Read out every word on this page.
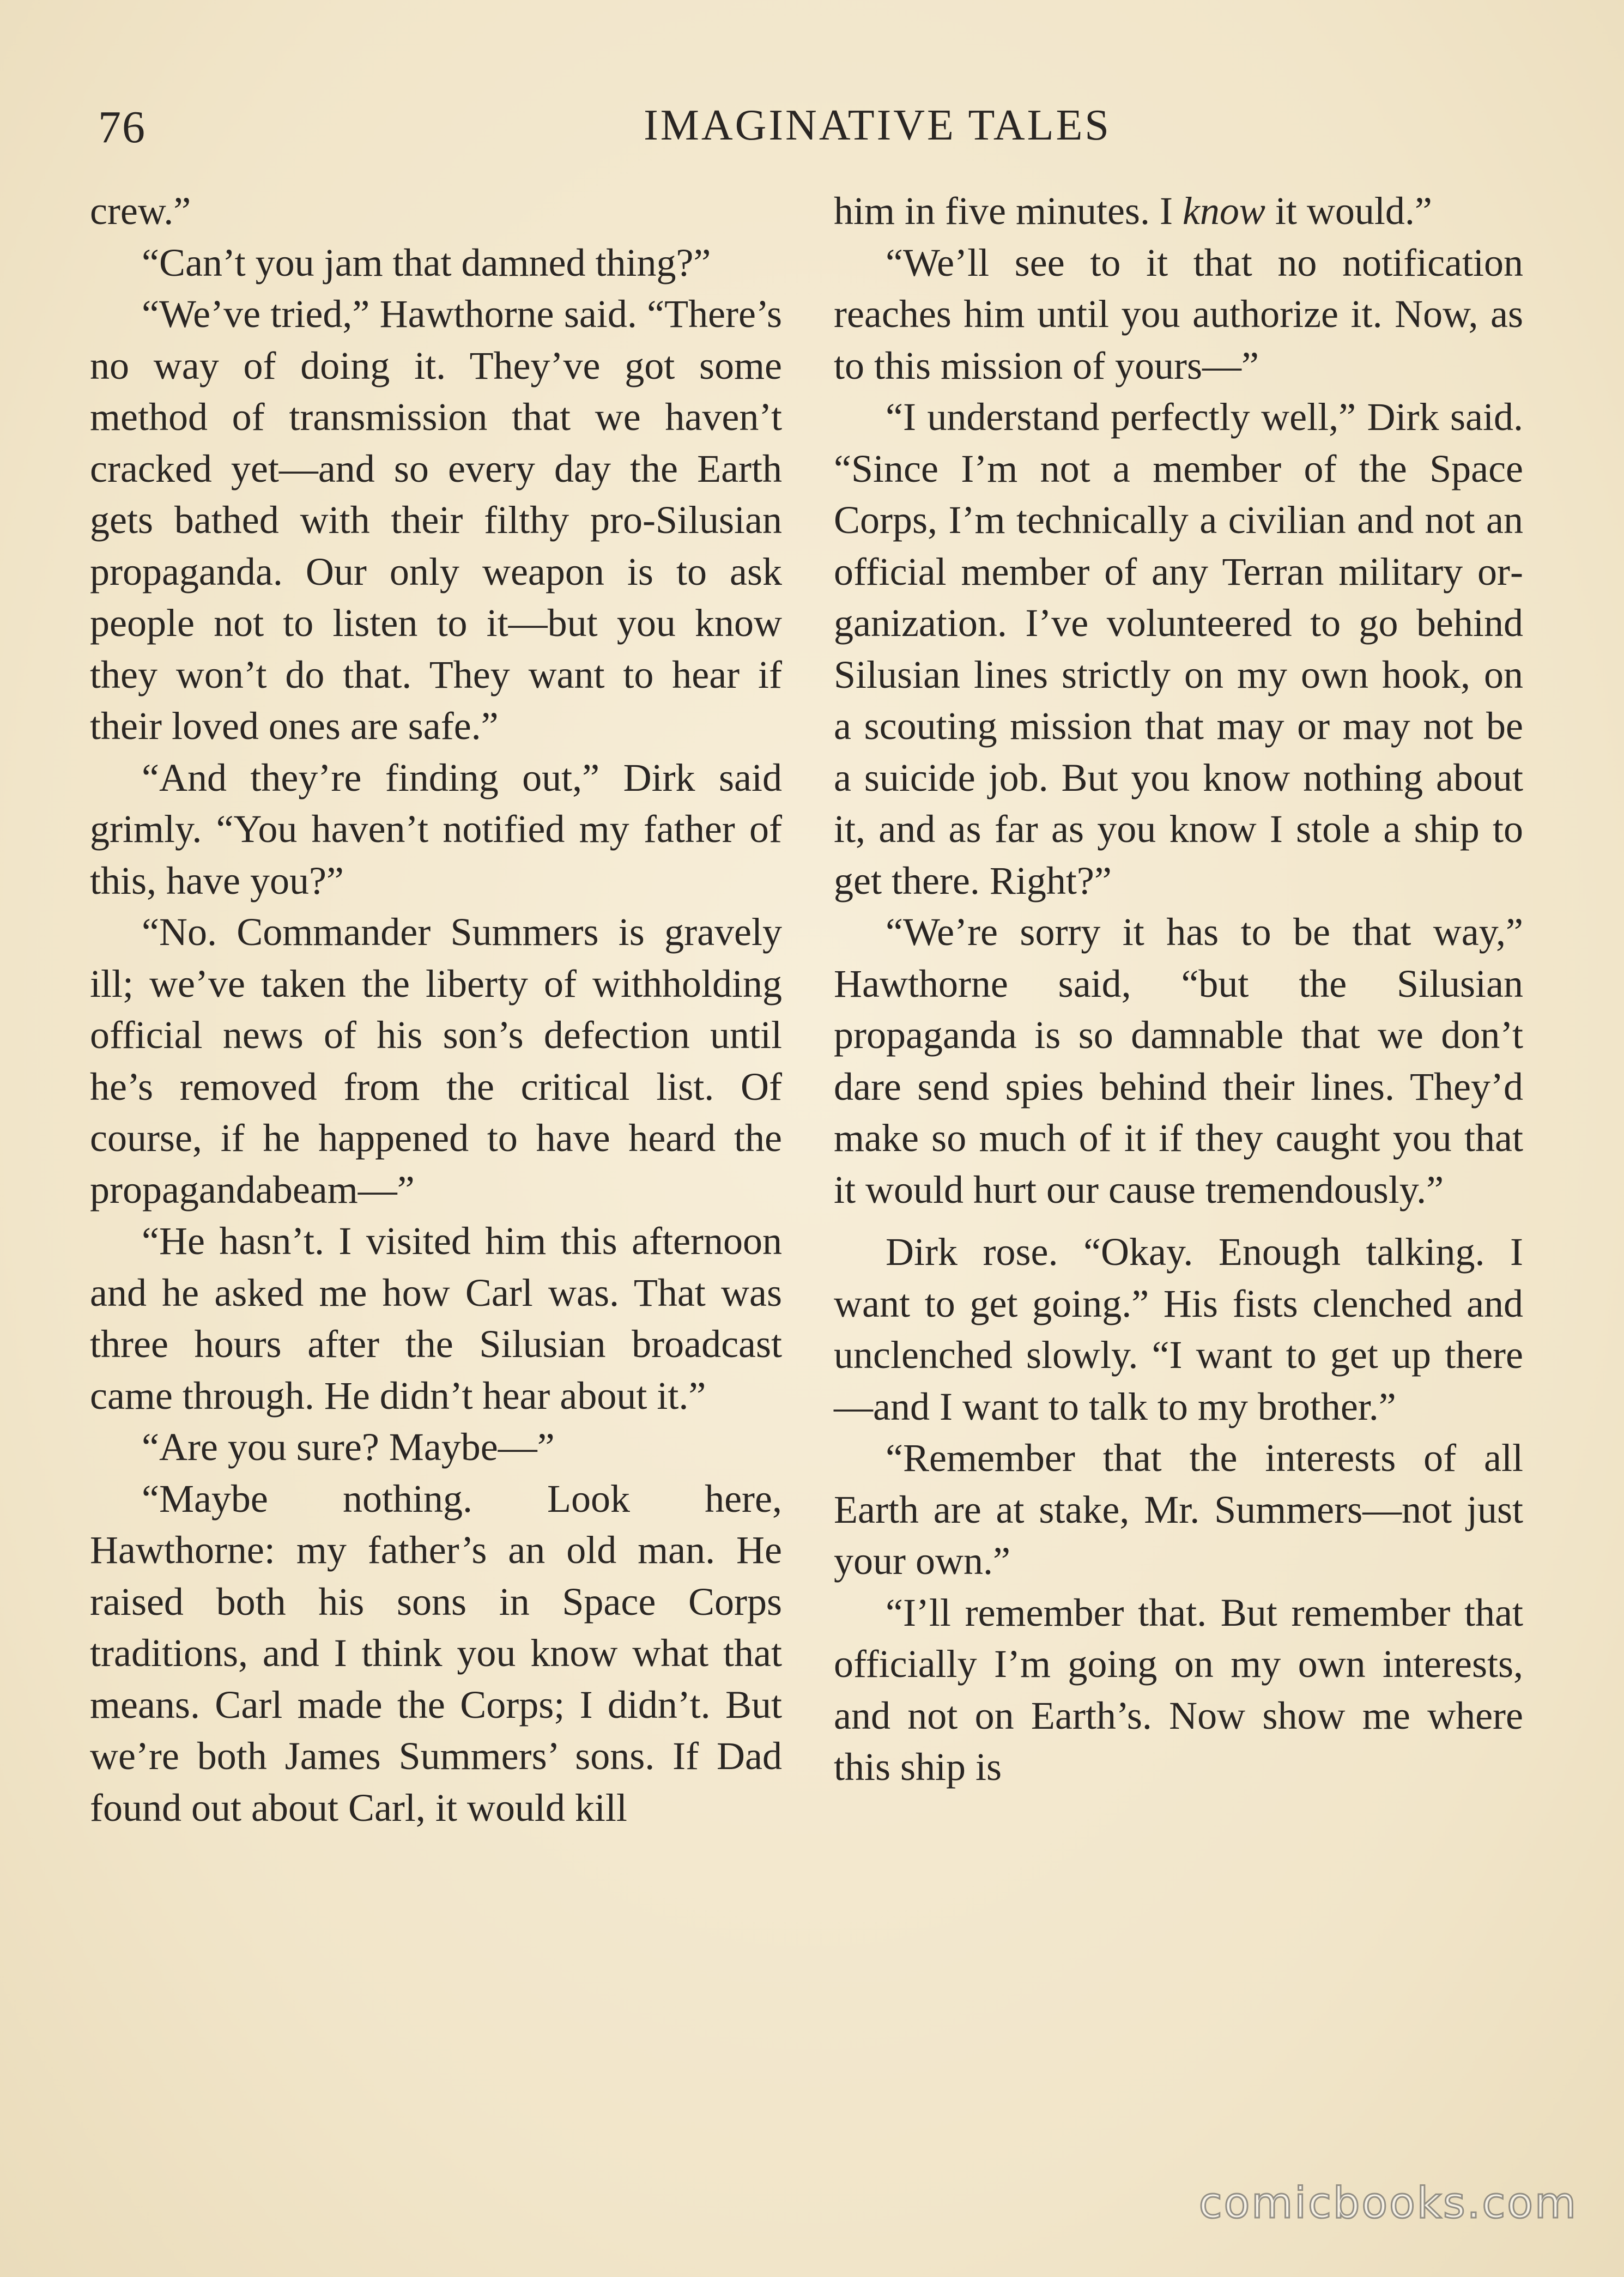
76	IMAGINATIVE TALES

crew.”

“Can’t you jam that damned thing?”

“We’ve tried,” Hawthorne said. “There’s no way of doing it. They’ve got some method of transmission that we haven’t cracked yet—and so every day the Earth gets bathed with their filthy pro-Silusian propaganda. Our only weapon is to ask people not to listen to it—but you know they won’t do that. They want to hear if their loved ones are safe.”

“And they’re finding out,” Dirk said grimly. “You haven’t notified my father of this, have you?”

“No. Commander Summers is gravely ill; we’ve taken the liberty of withholding official news of his son’s defection until he’s removed from the critical list. Of course, if he happened to have heard the propagandabeam—”

“He hasn’t. I visited him this afternoon and he asked me how Carl was. That was three hours after the Silusian broadcast came through. He didn’t hear about it.”

“Are you sure? Maybe—”

“Maybe nothing. Look here, Hawthorne: my father’s an old man. He raised both his sons in Space Corps traditions, and I think you know what that means. Carl made the Corps; I didn’t. But we’re both James Summers’ sons. If Dad found out about Carl, it would kill

him in five minutes. I know it would.”

“We’ll see to it that no notification reaches him until you authorize it. Now, as to this mission of yours—”

“I understand perfectly well,” Dirk said. “Since I’m not a member of the Space Corps, I’m technically a civilian and not an official member of any Terran military organization. I’ve volunteered to go behind Silusian lines strictly on my own hook, on a scouting mission that may or may not be a suicide job. But you know nothing about it, and as far as you know I stole a ship to get there. Right?”

“We’re sorry it has to be that way,” Hawthorne said, “but the Silusian propaganda is so damnable that we don’t dare send spies behind their lines. They’d make so much of it if they caught you that it would hurt our cause tremendously.”

Dirk rose. “Okay. Enough talking. I want to get going.” His fists clenched and unclenched slowly. “I want to get up there—and I want to talk to my brother.”

“Remember that the interests of all Earth are at stake, Mr. Summers—not just your own.”

“I’ll remember that. But remember that officially I’m going on my own interests, and not on Earth’s. Now show me where this ship is

comicbooks.com
